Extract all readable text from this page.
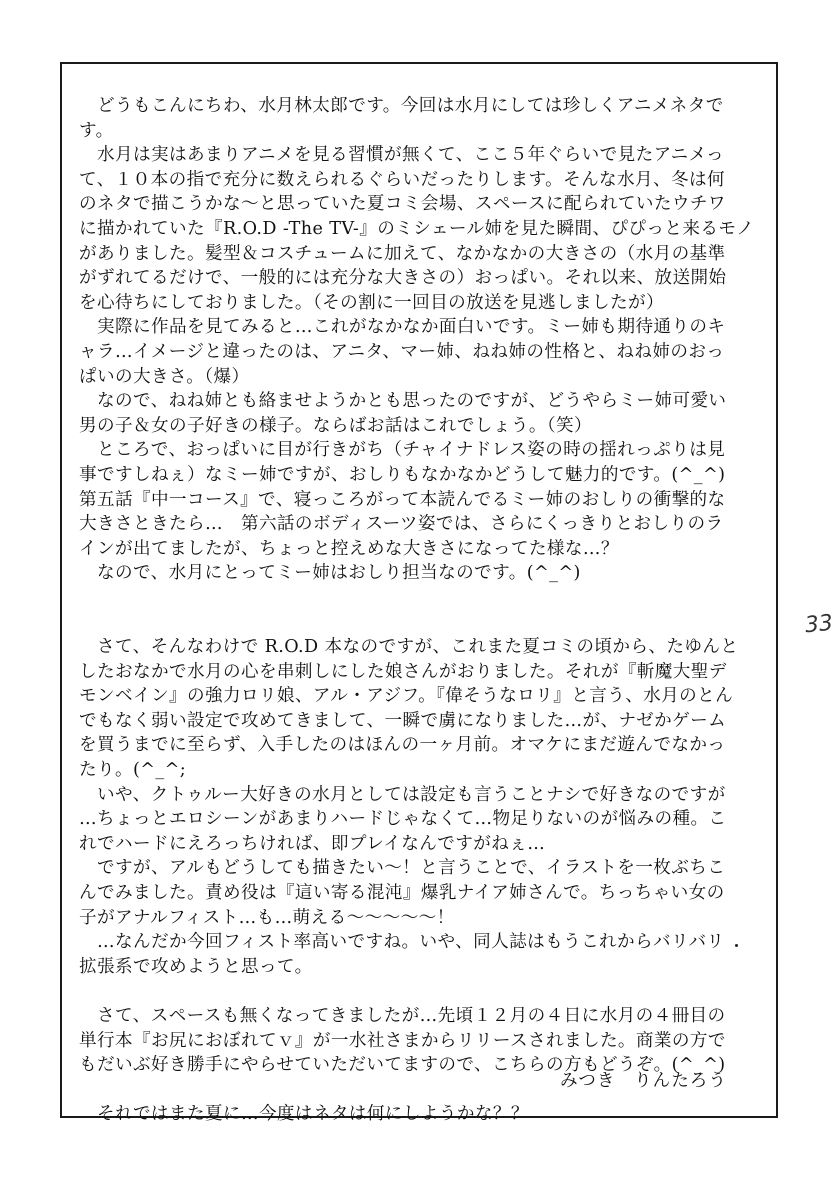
　どうもこんにちわ、水月林太郎です。今回は水月にしては珍しくアニメネタで
す。
　水月は実はあまりアニメを見る習慣が無くて、ここ５年ぐらいで見たアニメっ
て、１０本の指で充分に数えられるぐらいだったりします。そんな水月、冬は何
のネタで描こうかな〜と思っていた夏コミ会場、スペースに配られていたウチワ
に描かれていた『R.O.D -The TV-』のミシェール姉を見た瞬間、ぴぴっと来るモノ
がありました。髪型＆コスチュームに加えて、なかなかの大きさの（水月の基準
がずれてるだけで、一般的には充分な大きさの）おっぱい。それ以来、放送開始
を心待ちにしておりました。（その割に一回目の放送を見逃しましたが）
　実際に作品を見てみると…これがなかなか面白いです。ミー姉も期待通りのキ
ャラ…イメージと違ったのは、アニタ、マー姉、ねね姉の性格と、ねね姉のおっ
ぱいの大きさ。（爆）
　なので、ねね姉とも絡ませようかとも思ったのですが、どうやらミー姉可愛い
男の子＆女の子好きの様子。ならばお話はこれでしょう。（笑）
　ところで、おっぱいに目が行きがち（チャイナドレス姿の時の揺れっぷりは見
事ですしねぇ）なミー姉ですが、おしりもなかなかどうして魅力的です。(^_^)
第五話『中一コース』で、寝っころがって本読んでるミー姉のおしりの衝撃的な
大きさときたら…　第六話のボディスーツ姿では、さらにくっきりとおしりのラ
インが出てましたが、ちょっと控えめな大きさになってた様な…？
　なので、水月にとってミー姉はおしり担当なのです。(^_^)
　さて、そんなわけで R.O.D 本なのですが、これまた夏コミの頃から、たゆんと
したおなかで水月の心を串刺しにした娘さんがおりました。それが『斬魔大聖デ
モンベイン』の強力ロリ娘、アル・アジフ。『偉そうなロリ』と言う、水月のとん
でもなく弱い設定で攻めてきまして、一瞬で虜になりました…が、ナゼかゲーム
を買うまでに至らず、入手したのはほんの一ヶ月前。オマケにまだ遊んでなかっ
たり。(^_^;
　いや、クトゥルー大好きの水月としては設定も言うことナシで好きなのですが
…ちょっとエロシーンがあまりハードじゃなくて…物足りないのが悩みの種。こ
れでハードにえろっちければ、即プレイなんですがねぇ…
　ですが、アルもどうしても描きたい〜！と言うことで、イラストを一枚ぶちこ
んでみました。責め役は『這い寄る混沌』爆乳ナイア姉さんで。ちっちゃい女の
子がアナルフィスト…も…萌える〜〜〜〜〜！
　…なんだか今回フィスト率高いですね。いや、同人誌はもうこれからバリバリ
拡張系で攻めようと思って。
　さて、スペースも無くなってきましたが…先頃１２月の４日に水月の４冊目の
単行本『お尻におぼれてｖ』が一水社さまからリリースされました。商業の方で
もだいぶ好き勝手にやらせていただいてますので、こちらの方もどうぞ。(^_^)
　それではまた夏に…今度はネタは何にしようかな？？
みつき　りんたろう
33
